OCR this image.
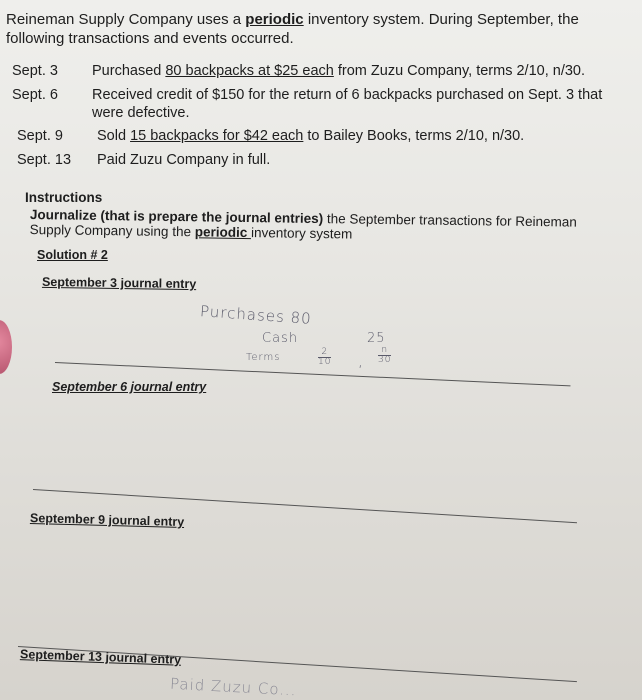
Reineman Supply Company uses a periodic inventory system. During September, the following transactions and events occurred.
Sept. 3 Purchased 80 backpacks at $25 each from Zuzu Company, terms 2/10, n/30.
Sept. 6 Received credit of $150 for the return of 6 backpacks purchased on Sept. 3 that were defective.
Sept. 9 Sold 15 backpacks for $42 each to Bailey Books, terms 2/10, n/30.
Sept. 13 Paid Zuzu Company in full.
Instructions
Journalize (that is prepare the journal entries) the September transactions for Reineman Supply Company using the periodic inventory system
Solution # 2
September 3 journal entry
Purchases 80
Cash	25
Terms	$\frac{2}{10}$ , $\frac{n}{30}$
September 6 journal entry
September 9 journal entry
September 13 journal entry
Paid Zuzu Co...
